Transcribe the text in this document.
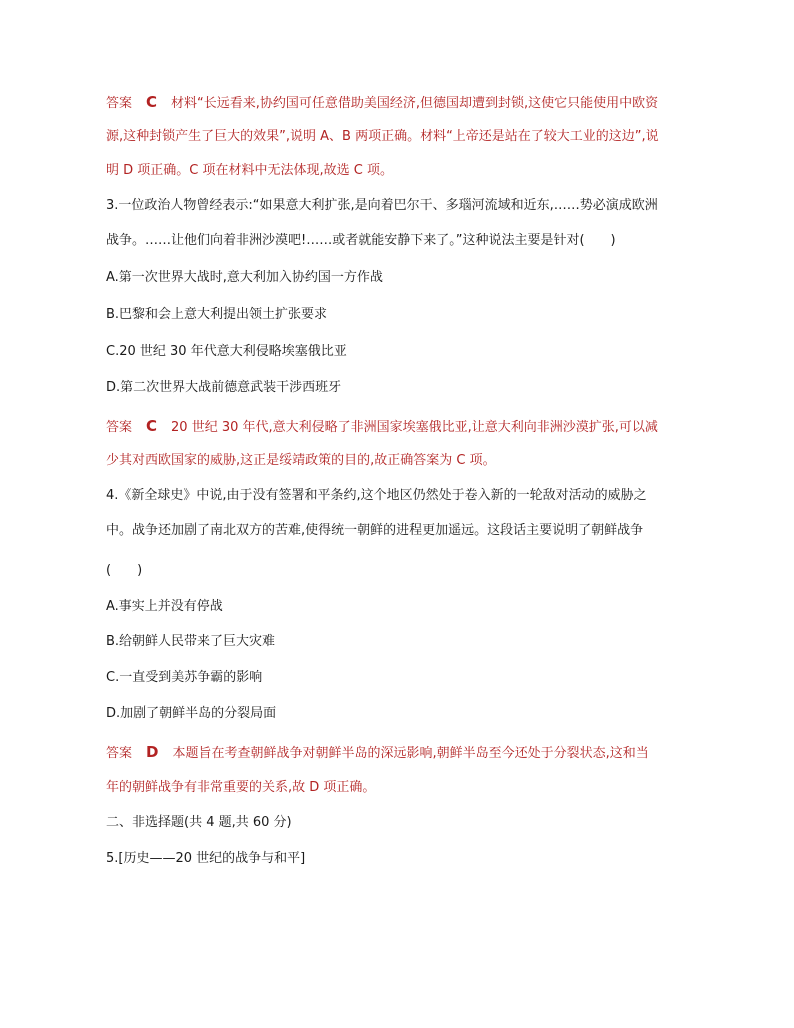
答案 C 材料“长远看来,协约国可任意借助美国经济,但德国却遭到封锁,这使它只能使用中欧资
源,这种封锁产生了巨大的效果”,说明 A、B 两项正确。材料“上帝还是站在了较大工业的这边”,说
明 D 项正确。C 项在材料中无法体现,故选 C 项。
3.一位政治人物曾经表示:“如果意大利扩张,是向着巴尔干、多瑙河流域和近东,……势必演成欧洲
战争。……让他们向着非洲沙漠吧!……或者就能安静下来了。”这种说法主要是针对(　　)
A.第一次世界大战时,意大利加入协约国一方作战
B.巴黎和会上意大利提出领土扩张要求
C.20 世纪 30 年代意大利侵略埃塞俄比亚
D.第二次世界大战前德意武装干涉西班牙
答案 C 20 世纪 30 年代,意大利侵略了非洲国家埃塞俄比亚,让意大利向非洲沙漠扩张,可以减
少其对西欧国家的威胁,这正是绥靖政策的目的,故正确答案为 C 项。
4.《新全球史》中说,由于没有签署和平条约,这个地区仍然处于卷入新的一轮敌对活动的威胁之
中。战争还加剧了南北双方的苦难,使得统一朝鲜的进程更加遥远。这段话主要说明了朝鲜战争
(　　)
A.事实上并没有停战
B.给朝鲜人民带来了巨大灾难
C.一直受到美苏争霸的影响
D.加剧了朝鲜半岛的分裂局面
答案 D 本题旨在考查朝鲜战争对朝鲜半岛的深远影响,朝鲜半岛至今还处于分裂状态,这和当
年的朝鲜战争有非常重要的关系,故 D 项正确。
二、非选择题(共 4 题,共 60 分)
5.[历史——20 世纪的战争与和平]
